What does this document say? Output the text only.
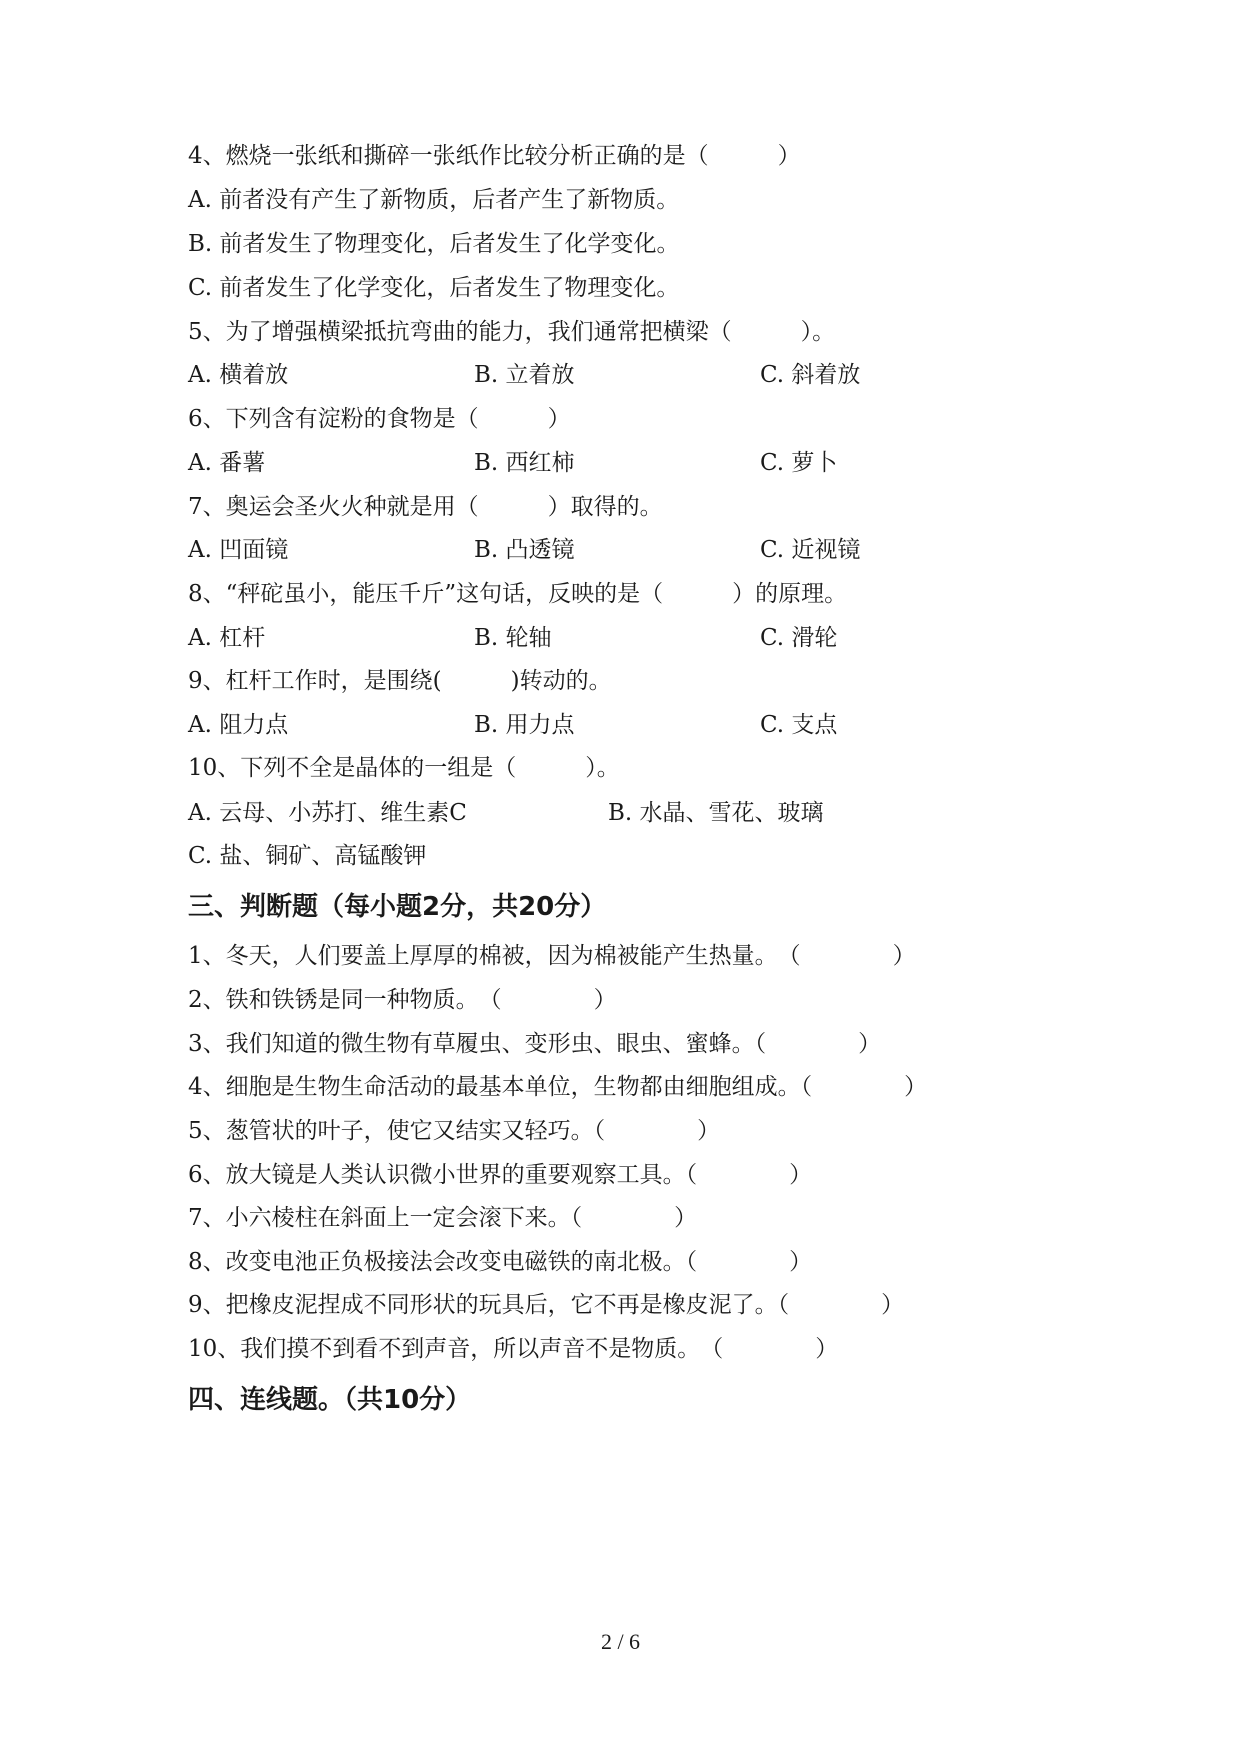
4、燃烧一张纸和撕碎一张纸作比较分析正确的是（　　　）
A. 前者没有产生了新物质，后者产生了新物质。
B. 前者发生了物理变化，后者发生了化学变化。
C. 前者发生了化学变化，后者发生了物理变化。
5、为了增强横梁抵抗弯曲的能力，我们通常把横梁（　　　）。
A. 横着放	B. 立着放	C. 斜着放
6、下列含有淀粉的食物是（　　　）
A. 番薯	B. 西红柿	C. 萝卜
7、奥运会圣火火种就是用（　　　）取得的。
A. 凹面镜	B. 凸透镜	C. 近视镜
8、“秤砣虽小，能压千斤”这句话，反映的是（　　　）的原理。
A. 杠杆	B. 轮轴	C. 滑轮
9、杠杆工作时，是围绕(　　　)转动的。
A. 阻力点	B. 用力点	C. 支点
10、下列不全是晶体的一组是（　　　）。
A. 云母、小苏打、维生素C	B. 水晶、雪花、玻璃
C. 盐、铜矿、高锰酸钾
三、判断题（每小题2分，共20分）
1、冬天，人们要盖上厚厚的棉被，因为棉被能产生热量。　（　　　　）
2、铁和铁锈是同一种物质。　（　　　　）
3、我们知道的微生物有草履虫、变形虫、眼虫、蜜蜂。（　　　　）
4、细胞是生物生命活动的最基本单位，生物都由细胞组成。（　　　　）
5、葱管状的叶子，使它又结实又轻巧。（　　　　）
6、放大镜是人类认识微小世界的重要观察工具。（　　　　）
7、小六棱柱在斜面上一定会滚下来。（　　　　）
8、改变电池正负极接法会改变电磁铁的南北极。（　　　　）
9、把橡皮泥捏成不同形状的玩具后，它不再是橡皮泥了。（　　　　）
10、我们摸不到看不到声音，所以声音不是物质。　（　　　　）
四、连线题。（共10分）
2 / 6
